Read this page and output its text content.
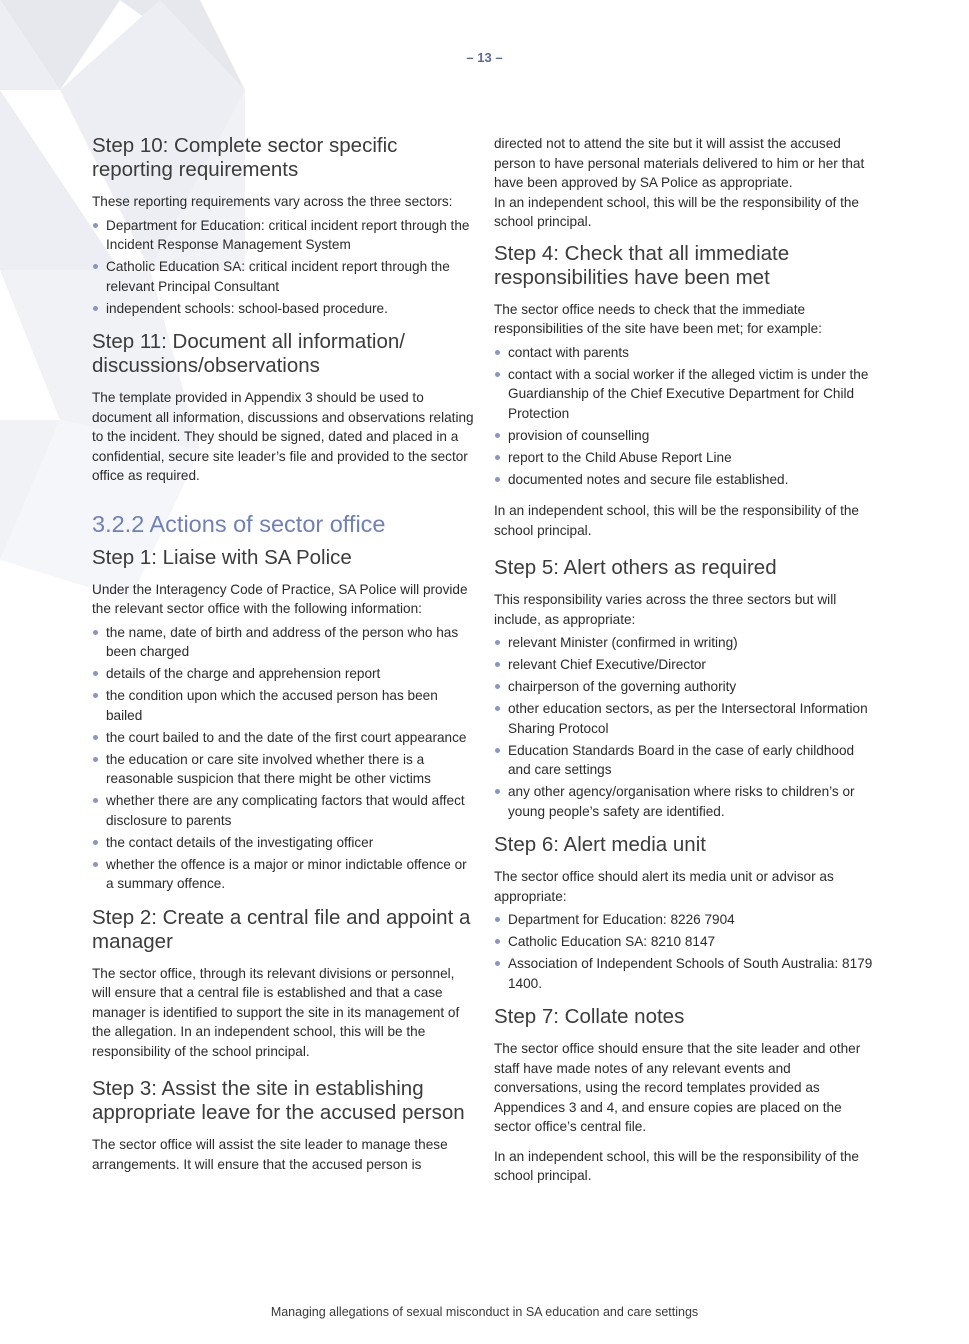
– 13 –
Step 10: Complete sector specific reporting requirements

These reporting requirements vary across the three sectors:

Department for Education: critical incident report through the Incident Response Management System
Catholic Education SA: critical incident report through the relevant Principal Consultant
independent schools: school-based procedure.
Step 11: Document all information/ discussions/observations

The template provided in Appendix 3 should be used to document all information, discussions and observations relating to the incident. They should be signed, dated and placed in a confidential, secure site leader’s file and provided to the sector office as required.

3.2.2 Actions of sector office
Step 1: Liaise with SA Police

Under the Interagency Code of Practice, SA Police will provide the relevant sector office with the following information:

the name, date of birth and address of the person who has been charged
details of the charge and apprehension report
the condition upon which the accused person has been bailed
the court bailed to and the date of the first court appearance
the education or care site involved whether there is a reasonable suspicion that there might be other victims
whether there are any complicating factors that would affect disclosure to parents
the contact details of the investigating officer
whether the offence is a major or minor indictable offence or a summary offence.
Step 2: Create a central file and appoint a manager

The sector office, through its relevant divisions or personnel, will ensure that a central file is established and that a case manager is identified to support the site in its management of the allegation. In an independent school, this will be the responsibility of the school principal.

Step 3: Assist the site in establishing appropriate leave for the accused person

The sector office will assist the site leader to manage these arrangements. It will ensure that the accused person is

directed not to attend the site but it will assist the accused person to have personal materials delivered to him or her that have been approved by SA Police as appropriate.

In an independent school, this will be the responsibility of the school principal.

Step 4: Check that all immediate responsibilities have been met

The sector office needs to check that the immediate responsibilities of the site have been met; for example:

contact with parents
contact with a social worker if the alleged victim is under the Guardianship of the Chief Executive Department for Child Protection
provision of counselling
report to the Child Abuse Report Line
documented notes and secure file established.

In an independent school, this will be the responsibility of the school principal.

Step 5: Alert others as required

This responsibility varies across the three sectors but will include, as appropriate:

relevant Minister (confirmed in writing)
relevant Chief Executive/Director
chairperson of the governing authority
other education sectors, as per the Intersectoral Information Sharing Protocol
Education Standards Board in the case of early childhood and care settings
any other agency/organisation where risks to children’s or young people’s safety are identified.
Step 6: Alert media unit

The sector office should alert its media unit or advisor as appropriate:

Department for Education: 8226 7904
Catholic Education SA: 8210 8147
Association of Independent Schools of South Australia: 8179 1400.
Step 7: Collate notes

The sector office should ensure that the site leader and other staff have made notes of any relevant events and conversations, using the record templates provided as Appendices 3 and 4, and ensure copies are placed on the sector office’s central file.

In an independent school, this will be the responsibility of the school principal.

Managing allegations of sexual misconduct in SA education and care settings
